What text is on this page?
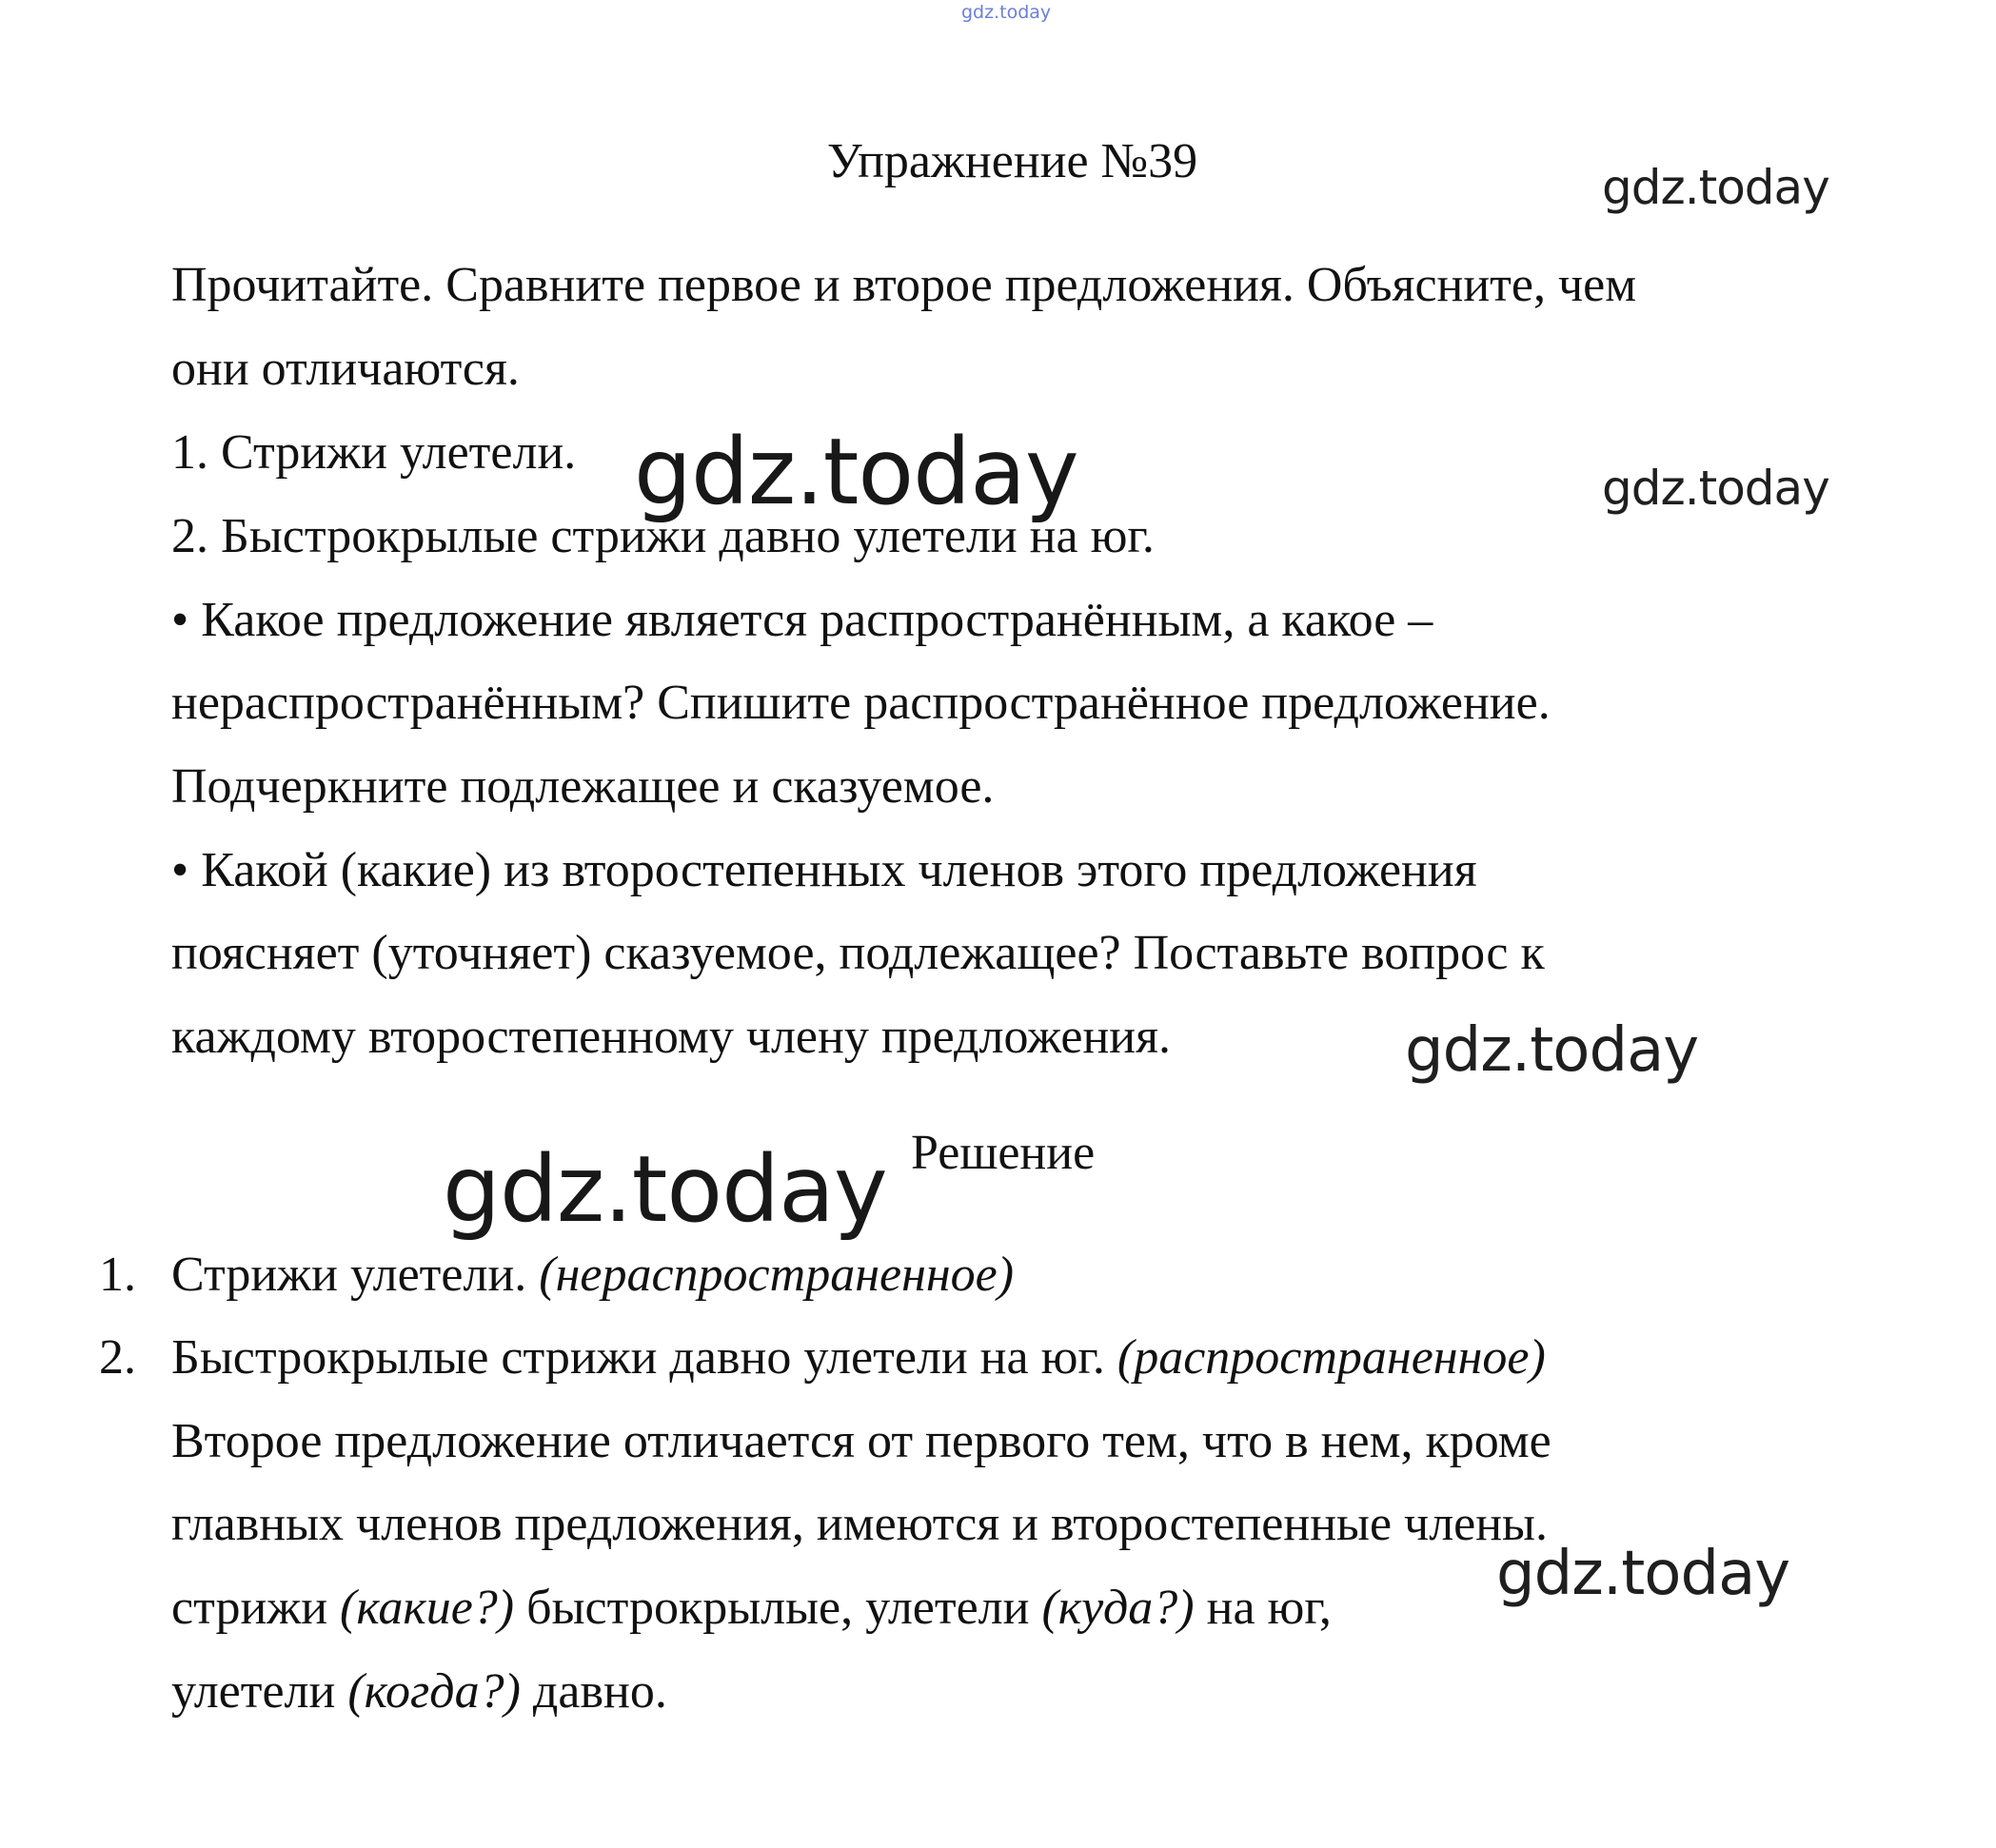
gdz.today
Упражнение №39
Прочитайте. Сравните первое и второе предложения. Объясните, чем
они отличаются.
1. Стрижи улетели.
2. Быстрокрылые стрижи давно улетели на юг.
• Какое предложение является распространённым, а какое –
нераспространённым? Спишите распространённое предложение.
Подчеркните подлежащее и сказуемое.
• Какой (какие) из второстепенных членов этого предложения
поясняет (уточняет) сказуемое, подлежащее? Поставьте вопрос к
каждому второстепенному члену предложения.
Решение
1. Стрижи улетели. (нераспространенное)
2. Быстрокрылые стрижи давно улетели на юг. (распространенное)
Второе предложение отличается от первого тем, что в нем, кроме
главных членов предложения, имеются и второстепенные члены.
стрижи (какие?) быстрокрылые, улетели (куда?) на юг,
улетели (когда?) давно.
gdz.today
gdz.today
gdz.today
gdz.today
gdz.today
gdz.today
